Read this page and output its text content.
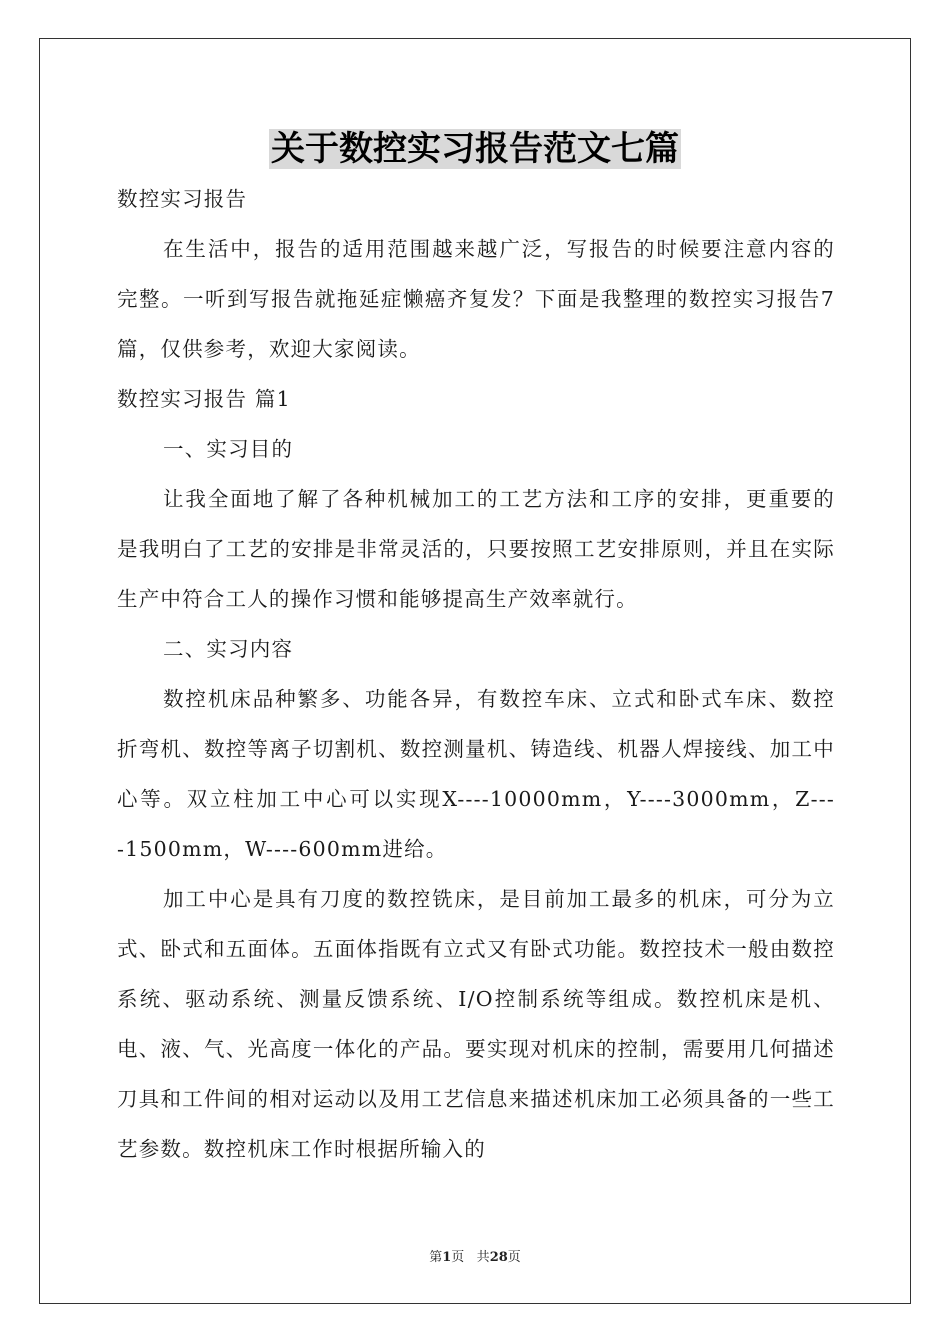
关于数控实习报告范文七篇

数控实习报告

在生活中，报告的适用范围越来越广泛，写报告的时候要注意内容的完整。一听到写报告就拖延症懒癌齐复发？下面是我整理的数控实习报告7篇，仅供参考，欢迎大家阅读。

数控实习报告 篇1

一、实习目的

让我全面地了解了各种机械加工的工艺方法和工序的安排，更重要的是我明白了工艺的安排是非常灵活的，只要按照工艺安排原则，并且在实际生产中符合工人的操作习惯和能够提高生产效率就行。

二、实习内容

数控机床品种繁多、功能各异，有数控车床、立式和卧式车床、数控折弯机、数控等离子切割机、数控测量机、铸造线、机器人焊接线、加工中心等。双立柱加工中心可以实现X----10000mm，Y----3000mm，Z----1500mm，W----600mm进给。

加工中心是具有刀度的数控铣床，是目前加工最多的机床，可分为立式、卧式和五面体。五面体指既有立式又有卧式功能。数控技术一般由数控系统、驱动系统、测量反馈系统、I/O控制系统等组成。数控机床是机、电、液、气、光高度一体化的产品。要实现对机床的控制，需要用几何描述刀具和工件间的相对运动以及用工艺信息来描述机床加工必须具备的一些工艺参数。数控机床工作时根据所输入的

第1页 共28页
